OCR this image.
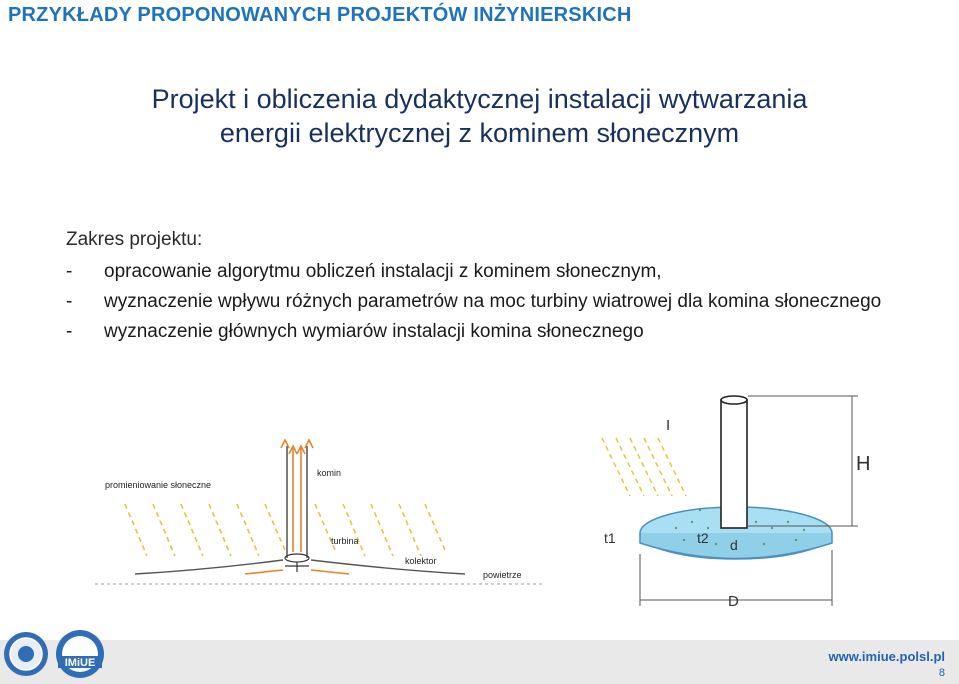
PRZYKŁADY PROPONOWANYCH PROJEKTÓW INŻYNIERSKICH
Projekt i obliczenia dydaktycznej instalacji wytwarzania
energii elektrycznej z kominem słonecznym
Zakres projektu:
- opracowanie algorytmu obliczeń instalacji z kominem słonecznym,
- wyznaczenie wpływu różnych parametrów na moc turbiny wiatrowej dla komina słonecznego
- wyznaczenie głównych wymiarów instalacji komina słonecznego
promieniowanie słoneczne
komin
turbina
kolektor
powietrze
I
H
t1	t2 d
D
IMiUE	www.imiue.polsl.pl
8
